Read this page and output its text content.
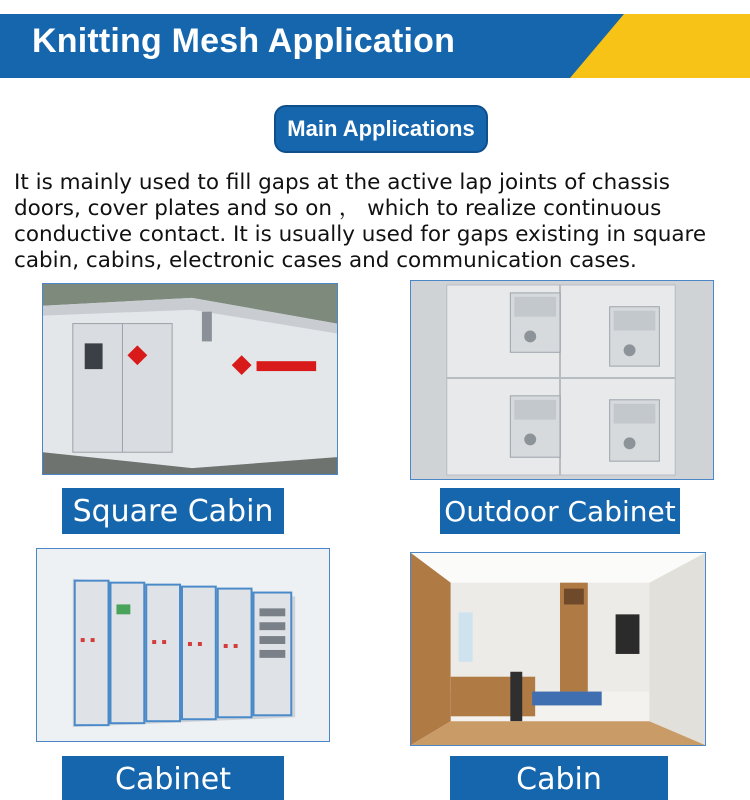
Knitting Mesh Application
Main Applications

It is mainly used to fill gaps at the active lap joints of chassis doors, cover plates and so on ， which to realize continuous conductive contact. It is usually used for gaps existing in square cabin, cabins, electronic cases and communication cases.

Square Cabin	Outdoor Cabinet
Cabinet	Cabin
